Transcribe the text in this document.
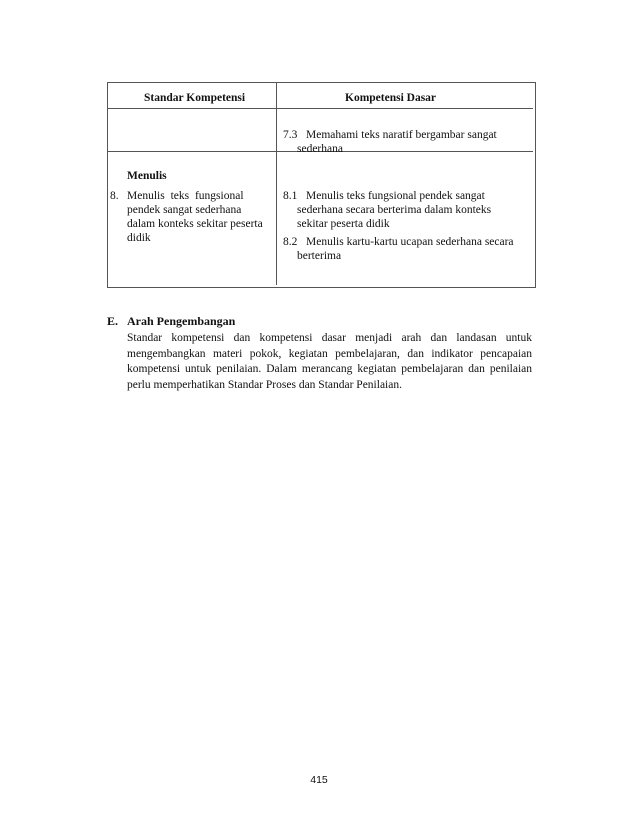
Standar Kompetensi	Kompetensi Dasar
7.3 Memahami teks naratif bergambar sangat
sederhana
Menulis
8. Menulis teks fungsional
pendek sangat sederhana
dalam konteks sekitar peserta
didik
8.1 Menulis teks fungsional pendek sangat
sederhana secara berterima dalam konteks
sekitar peserta didik
8.2 Menulis kartu-kartu ucapan sederhana secara
berterima
E. Arah Pengembangan
Standar kompetensi dan kompetensi dasar menjadi arah dan landasan untuk mengembangkan materi pokok, kegiatan pembelajaran, dan indikator pencapaian kompetensi untuk penilaian. Dalam merancang kegiatan pembelajaran dan penilaian perlu memperhatikan Standar Proses dan Standar Penilaian.
415
